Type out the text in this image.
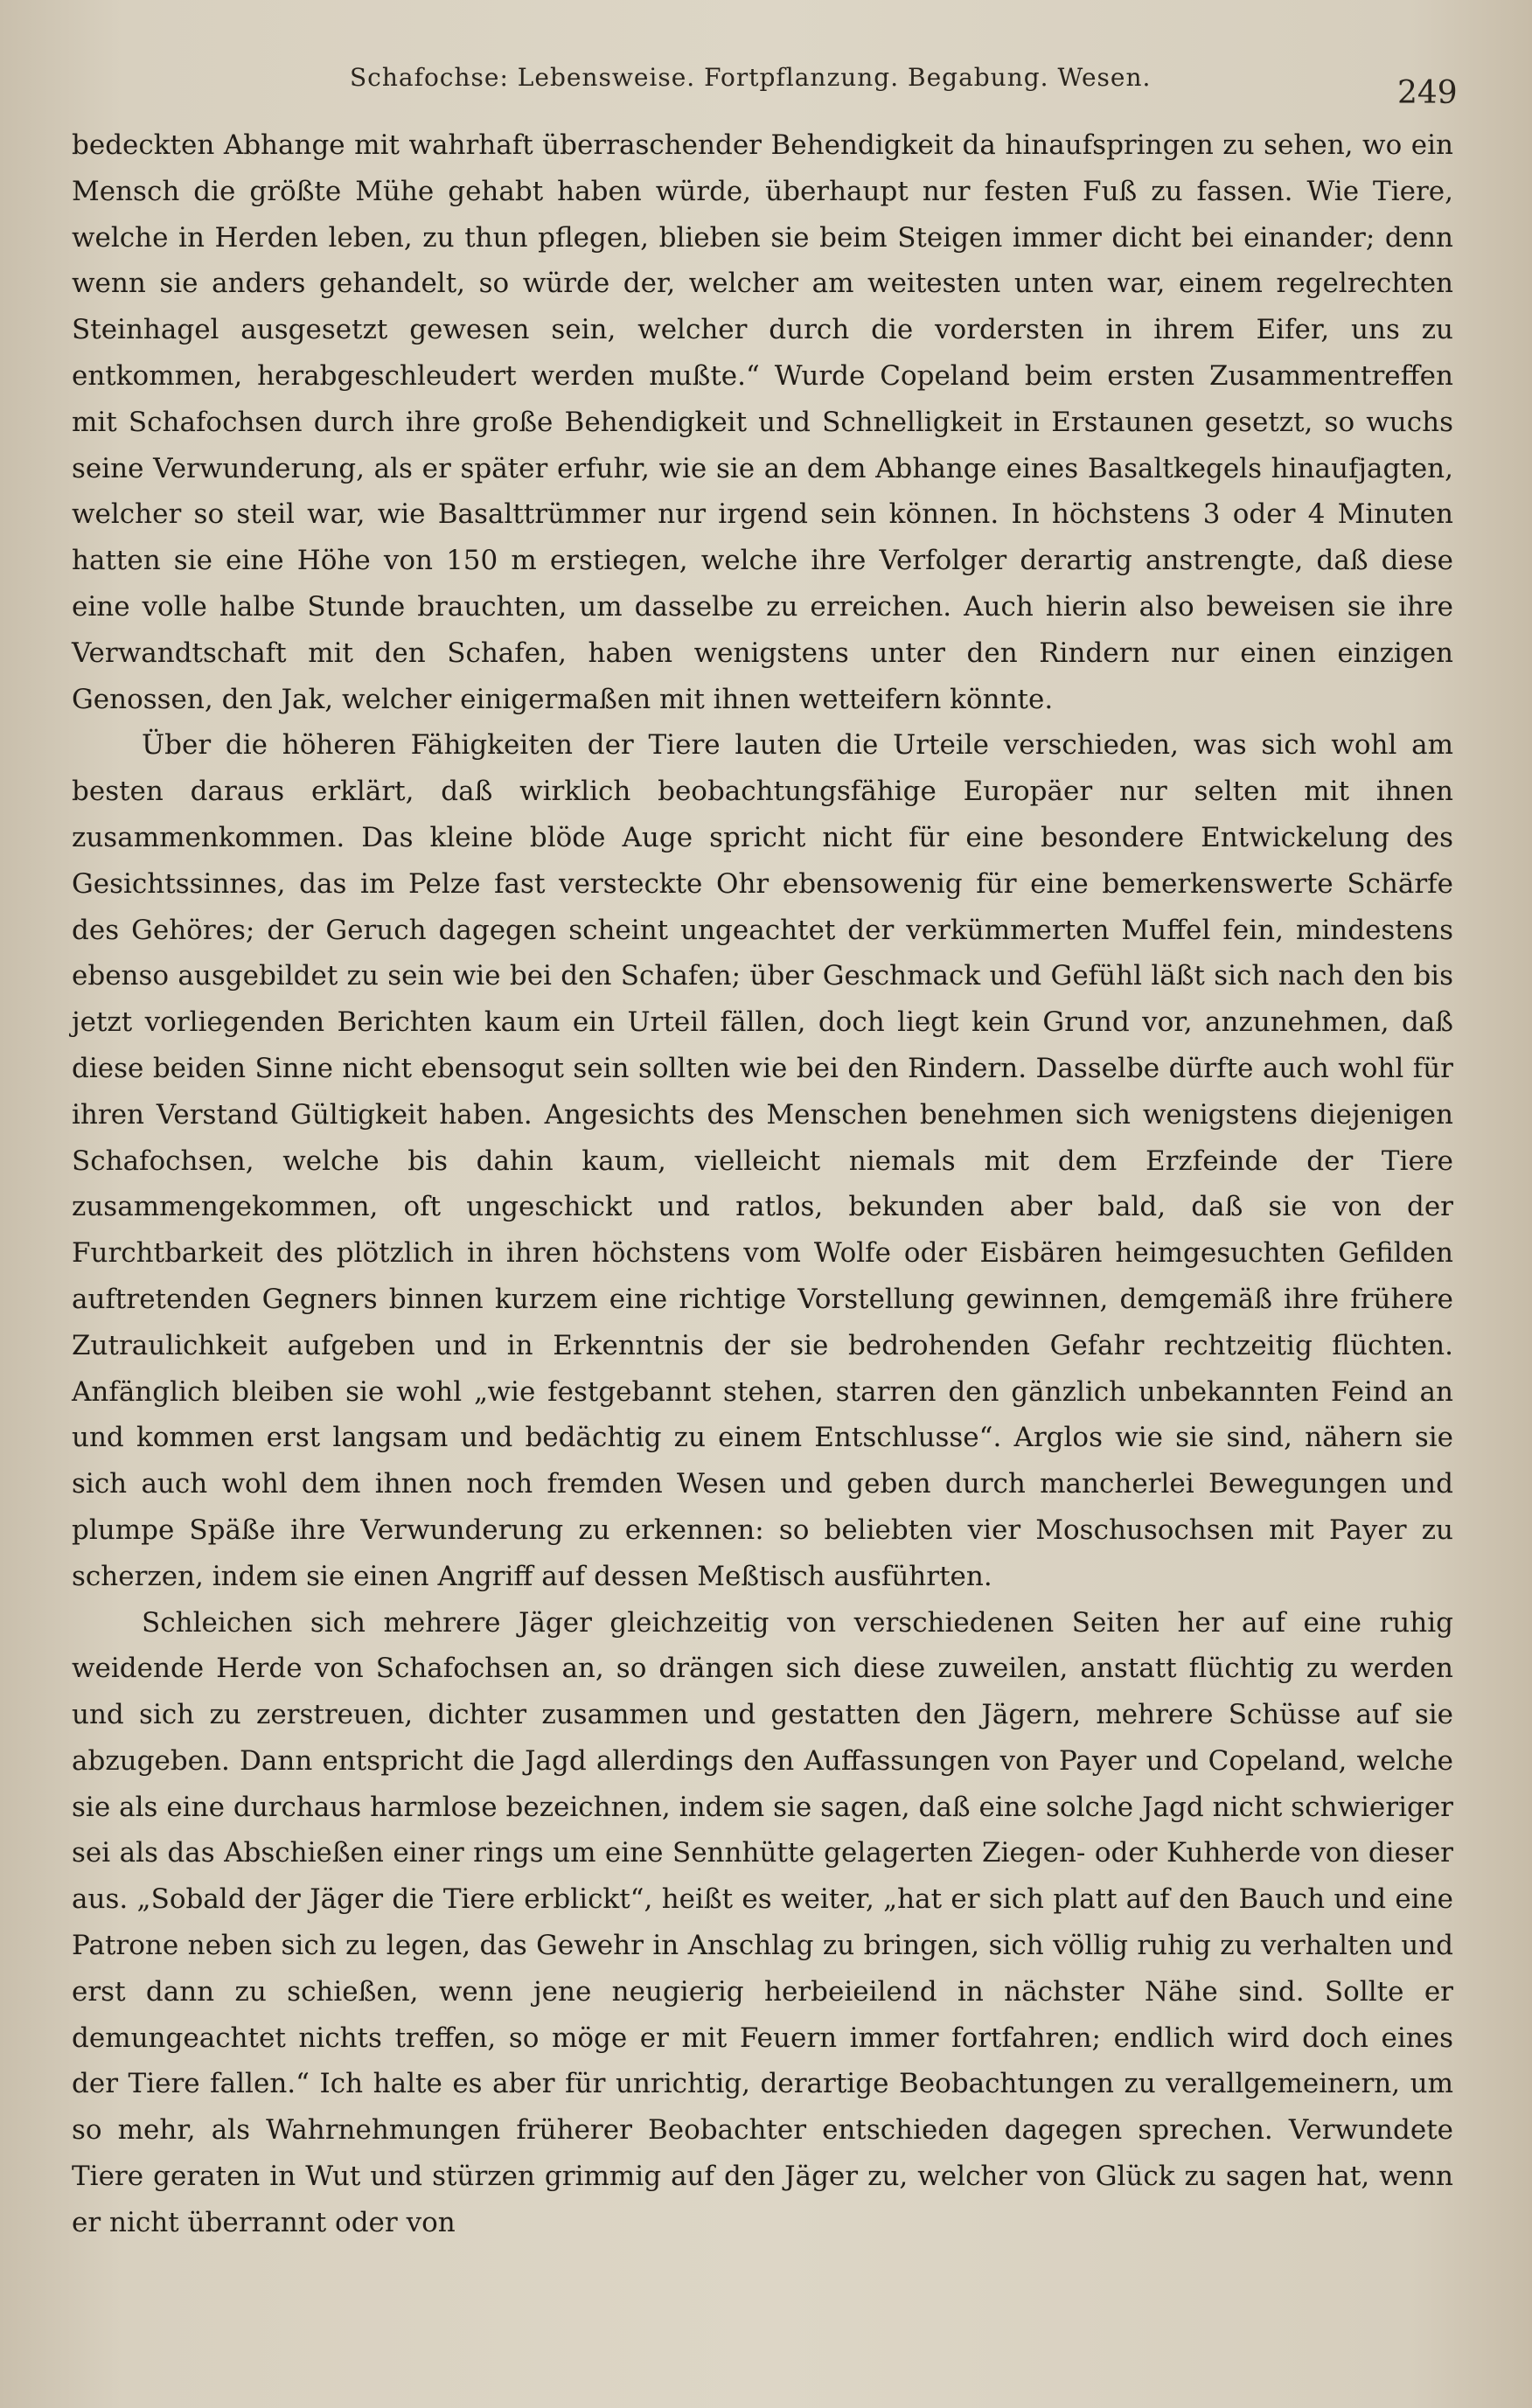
Schafochse: Lebensweise. Fortpflanzung. Begabung. Wesen.	249

bedeckten Abhange mit wahrhaft überraschender Behendigkeit da hinaufspringen zu sehen, wo ein Mensch die größte Mühe gehabt haben würde, überhaupt nur festen Fuß zu fassen. Wie Tiere, welche in Herden leben, zu thun pflegen, blieben sie beim Steigen immer dicht bei einander; denn wenn sie anders gehandelt, so würde der, welcher am weitesten unten war, einem regelrechten Steinhagel ausgesetzt gewesen sein, welcher durch die vordersten in ihrem Eifer, uns zu entkommen, herabgeschleudert werden mußte.“ Wurde Copeland beim ersten Zusammentreffen mit Schafochsen durch ihre große Behendigkeit und Schnelligkeit in Erstaunen gesetzt, so wuchs seine Verwunderung, als er später erfuhr, wie sie an dem Abhange eines Basaltkegels hinaufjagten, welcher so steil war, wie Basalttrümmer nur irgend sein können. In höchstens 3 oder 4 Minuten hatten sie eine Höhe von 150 m erstiegen, welche ihre Verfolger derartig anstrengte, daß diese eine volle halbe Stunde brauchten, um dasselbe zu erreichen. Auch hierin also beweisen sie ihre Verwandtschaft mit den Schafen, haben wenigstens unter den Rindern nur einen einzigen Genossen, den Jak, welcher einigermaßen mit ihnen wetteifern könnte.

Über die höheren Fähigkeiten der Tiere lauten die Urteile verschieden, was sich wohl am besten daraus erklärt, daß wirklich beobachtungsfähige Europäer nur selten mit ihnen zusammenkommen. Das kleine blöde Auge spricht nicht für eine besondere Entwickelung des Gesichtssinnes, das im Pelze fast versteckte Ohr ebensowenig für eine bemerkenswerte Schärfe des Gehöres; der Geruch dagegen scheint ungeachtet der verkümmerten Muffel fein, mindestens ebenso ausgebildet zu sein wie bei den Schafen; über Geschmack und Gefühl läßt sich nach den bis jetzt vorliegenden Berichten kaum ein Urteil fällen, doch liegt kein Grund vor, anzunehmen, daß diese beiden Sinne nicht ebensogut sein sollten wie bei den Rindern. Dasselbe dürfte auch wohl für ihren Verstand Gültigkeit haben. Angesichts des Menschen benehmen sich wenigstens diejenigen Schafochsen, welche bis dahin kaum, vielleicht niemals mit dem Erzfeinde der Tiere zusammengekommen, oft ungeschickt und ratlos, bekunden aber bald, daß sie von der Furchtbarkeit des plötzlich in ihren höchstens vom Wolfe oder Eisbären heimgesuchten Gefilden auftretenden Gegners binnen kurzem eine richtige Vorstellung gewinnen, demgemäß ihre frühere Zutraulichkeit aufgeben und in Erkenntnis der sie bedrohenden Gefahr rechtzeitig flüchten. Anfänglich bleiben sie wohl „wie festgebannt stehen, starren den gänzlich unbekannten Feind an und kommen erst langsam und bedächtig zu einem Entschlusse“. Arglos wie sie sind, nähern sie sich auch wohl dem ihnen noch fremden Wesen und geben durch mancherlei Bewegungen und plumpe Späße ihre Verwunderung zu erkennen: so beliebten vier Moschusochsen mit Payer zu scherzen, indem sie einen Angriff auf dessen Meßtisch ausführten.

Schleichen sich mehrere Jäger gleichzeitig von verschiedenen Seiten her auf eine ruhig weidende Herde von Schafochsen an, so drängen sich diese zuweilen, anstatt flüchtig zu werden und sich zu zerstreuen, dichter zusammen und gestatten den Jägern, mehrere Schüsse auf sie abzugeben. Dann entspricht die Jagd allerdings den Auffassungen von Payer und Copeland, welche sie als eine durchaus harmlose bezeichnen, indem sie sagen, daß eine solche Jagd nicht schwieriger sei als das Abschießen einer rings um eine Sennhütte gelagerten Ziegen- oder Kuhherde von dieser aus. „Sobald der Jäger die Tiere erblickt“, heißt es weiter, „hat er sich platt auf den Bauch und eine Patrone neben sich zu legen, das Gewehr in Anschlag zu bringen, sich völlig ruhig zu verhalten und erst dann zu schießen, wenn jene neugierig herbeieilend in nächster Nähe sind. Sollte er demungeachtet nichts treffen, so möge er mit Feuern immer fortfahren; endlich wird doch eines der Tiere fallen.“ Ich halte es aber für unrichtig, derartige Beobachtungen zu verallgemeinern, um so mehr, als Wahrnehmungen früherer Beobachter entschieden dagegen sprechen. Verwundete Tiere geraten in Wut und stürzen grimmig auf den Jäger zu, welcher von Glück zu sagen hat, wenn er nicht überrannt oder von
